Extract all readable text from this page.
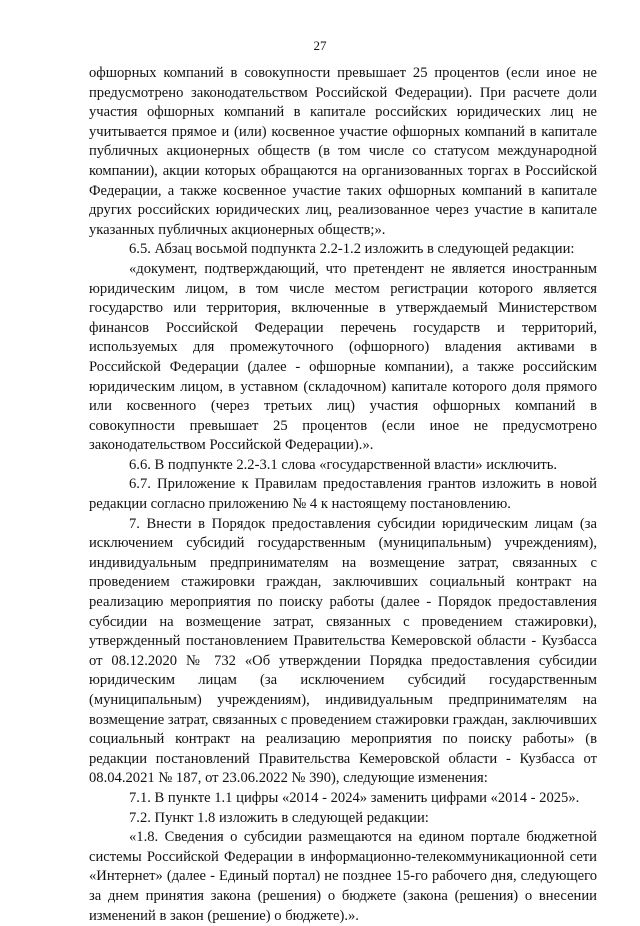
27

офшорных компаний в совокупности превышает 25 процентов (если иное не предусмотрено законодательством Российской Федерации). При расчете доли участия офшорных компаний в капитале российских юридических лиц не учитывается прямое и (или) косвенное участие офшорных компаний в капитале публичных акционерных обществ (в том числе со статусом международной компании), акции которых обращаются на организованных торгах в Российской Федерации, а также косвенное участие таких офшорных компаний в капитале других российских юридических лиц, реализованное через участие в капитале указанных публичных акционерных обществ;».

6.5. Абзац восьмой подпункта 2.2-1.2 изложить в следующей редакции:

«документ, подтверждающий, что претендент не является иностранным юридическим лицом, в том числе местом регистрации которого является государство или территория, включенные в утверждаемый Министерством финансов Российской Федерации перечень государств и территорий, используемых для промежуточного (офшорного) владения активами в Российской Федерации (далее - офшорные компании), а также российским юридическим лицом, в уставном (складочном) капитале которого доля прямого или косвенного (через третьих лиц) участия офшорных компаний в совокупности превышает 25 процентов (если иное не предусмотрено законодательством Российской Федерации).».

6.6. В подпункте 2.2-3.1 слова «государственной власти» исключить.

6.7. Приложение к Правилам предоставления грантов изложить в новой редакции согласно приложению № 4 к настоящему постановлению.

7. Внести в Порядок предоставления субсидии юридическим лицам (за исключением субсидий государственным (муниципальным) учреждениям), индивидуальным предпринимателям на возмещение затрат, связанных с проведением стажировки граждан, заключивших социальный контракт на реализацию мероприятия по поиску работы (далее - Порядок предоставления субсидии на возмещение затрат, связанных с проведением стажировки), утвержденный постановлением Правительства Кемеровской области - Кузбасса от 08.12.2020 № 732 «Об утверждении Порядка предоставления субсидии юридическим лицам (за исключением субсидий государственным (муниципальным) учреждениям), индивидуальным предпринимателям на возмещение затрат, связанных с проведением стажировки граждан, заключивших социальный контракт на реализацию мероприятия по поиску работы» (в редакции постановлений Правительства Кемеровской области - Кузбасса от 08.04.2021 № 187, от 23.06.2022 № 390), следующие изменения:

7.1. В пункте 1.1 цифры «2014 - 2024» заменить цифрами «2014 - 2025».

7.2. Пункт 1.8 изложить в следующей редакции:

«1.8. Сведения о субсидии размещаются на едином портале бюджетной системы Российской Федерации в информационно-телекоммуникационной сети «Интернет» (далее - Единый портал) не позднее 15-го рабочего дня, следующего за днем принятия закона (решения) о бюджете (закона (решения) о внесении изменений в закон (решение) о бюджете).».
